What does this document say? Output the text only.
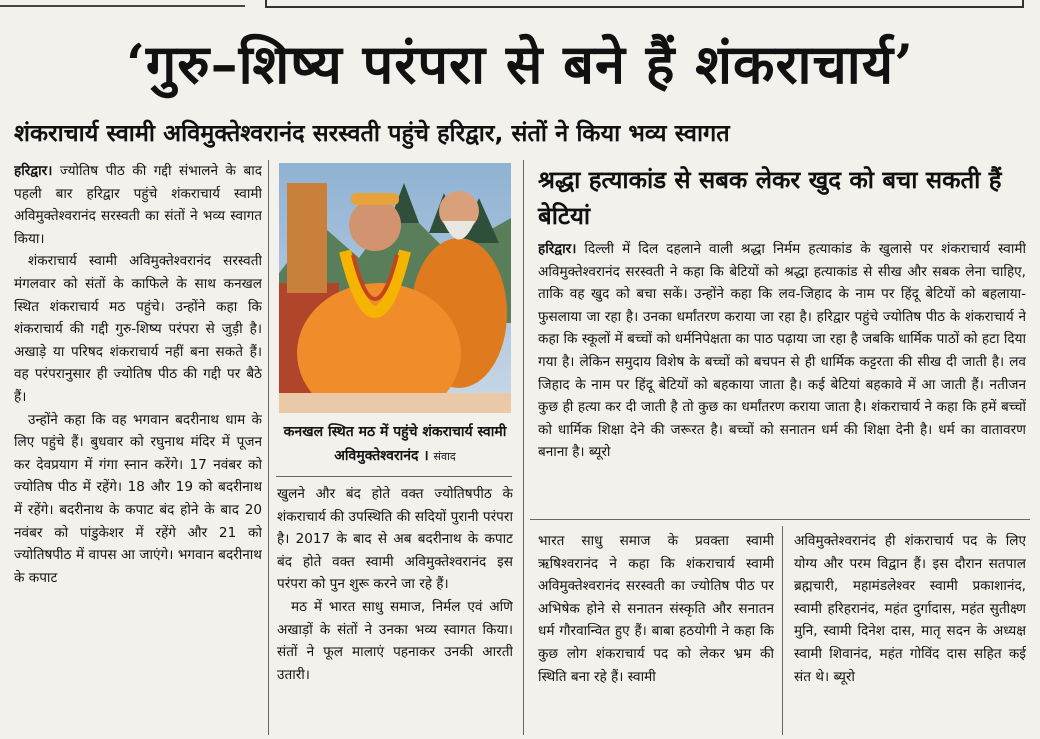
‘गुरु–शिष्य परंपरा से बने हैं शंकराचार्य’
शंकराचार्य स्वामी अविमुक्तेश्वरानंद सरस्वती पहुंचे हरिद्वार, संतों ने किया भव्य स्वागत

हरिद्वार। ज्योतिष पीठ की गद्दी संभालने के बाद पहली बार हरिद्वार पहुंचे शंकराचार्य स्वामी अविमुक्तेश्वरानंद सरस्वती का संतों ने भव्य स्वागत किया।

शंकराचार्य स्वामी अविमुक्तेश्वरानंद सरस्वती मंगलवार को संतों के काफिले के साथ कनखल स्थित शंकराचार्य मठ पहुंचे। उन्होंने कहा कि शंकराचार्य की गद्दी गुरु-शिष्य परंपरा से जुड़ी है। अखाड़े या परिषद शंकराचार्य नहीं बना सकते हैं। वह परंपरानुसार ही ज्योतिष पीठ की गद्दी पर बैठे हैं।

उन्होंने कहा कि वह भगवान बदरीनाथ धाम के लिए पहुंचे हैं। बुधवार को रघुनाथ मंदिर में पूजन कर देवप्रयाग में गंगा स्नान करेंगे। 17 नवंबर को ज्योतिष पीठ में रहेंगे। 18 और 19 को बदरीनाथ में रहेंगे। बदरीनाथ के कपाट बंद होने के बाद 20 नवंबर को पांडुकेशर में रहेंगे और 21 को ज्योतिषपीठ में वापस आ जाएंगे। भगवान बदरीनाथ के कपाट

कनखल स्थित मठ में पहुंचे शंकराचार्य स्वामी अविमुक्तेश्वरानंद । संवाद

खुलने और बंद होते वक्त ज्योतिषपीठ के शंकराचार्य की उपस्थिति की सदियों पुरानी परंपरा है। 2017 के बाद से अब बदरीनाथ के कपाट बंद होते वक्त स्वामी अविमुक्तेश्वरानंद इस परंपरा को पुन शुरू करने जा रहे हैं।

मठ में भारत साधु समाज, निर्मल एवं अणि अखाड़ों के संतों ने उनका भव्य स्वागत किया। संतों ने फूल मालाएं पहनाकर उनकी आरती उतारी।

श्रद्धा हत्याकांड से सबक लेकर खुद को बचा सकती हैं बेटियां

हरिद्वार। दिल्ली में दिल दहलाने वाली श्रद्धा निर्मम हत्याकांड के खुलासे पर शंकराचार्य स्वामी अविमुक्तेश्वरानंद सरस्वती ने कहा कि बेटियों को श्रद्धा हत्याकांड से सीख और सबक लेना चाहिए, ताकि वह खुद को बचा सकें। उन्होंने कहा कि लव-जिहाद के नाम पर हिंदू बेटियों को बहलाया-फुसलाया जा रहा है। उनका धर्मांतरण कराया जा रहा है। हरिद्वार पहुंचे ज्योतिष पीठ के शंकराचार्य ने कहा कि स्कूलों में बच्चों को धर्मनिपेक्षता का पाठ पढ़ाया जा रहा है जबकि धार्मिक पाठों को हटा दिया गया है। लेकिन समुदाय विशेष के बच्चों को बचपन से ही धार्मिक कट्टरता की सीख दी जाती है। लव जिहाद के नाम पर हिंदू बेटियों को बहकाया जाता है। कई बेटियां बहकावे में आ जाती हैं। नतीजन कुछ ही हत्या कर दी जाती है तो कुछ का धर्मांतरण कराया जाता है। शंकराचार्य ने कहा कि हमें बच्चों को धार्मिक शिक्षा देने की जरूरत है। बच्चों को सनातन धर्म की शिक्षा देनी है। धर्म का वातावरण बनाना है। ब्यूरो

भारत साधु समाज के प्रवक्ता स्वामी ऋषिश्वरानंद ने कहा कि शंकराचार्य स्वामी अविमुक्तेश्वरानंद सरस्वती का ज्योतिष पीठ पर अभिषेक होने से सनातन संस्कृति और सनातन धर्म गौरवान्वित हुए हैं। बाबा हठयोगी ने कहा कि कुछ लोग शंकराचार्य पद को लेकर भ्रम की स्थिति बना रहे हैं। स्वामी

अविमुक्तेश्वरानंद ही शंकराचार्य पद के लिए योग्य और परम विद्वान हैं। इस दौरान सतपाल ब्रह्मचारी, महामंडलेश्वर स्वामी प्रकाशानंद, स्वामी हरिहरानंद, महंत दुर्गादास, महंत सुतीक्ष्ण मुनि, स्वामी दिनेश दास, मातृ सदन के अध्यक्ष स्वामी शिवानंद, महंत गोविंद दास सहित कई संत थे। ब्यूरो
